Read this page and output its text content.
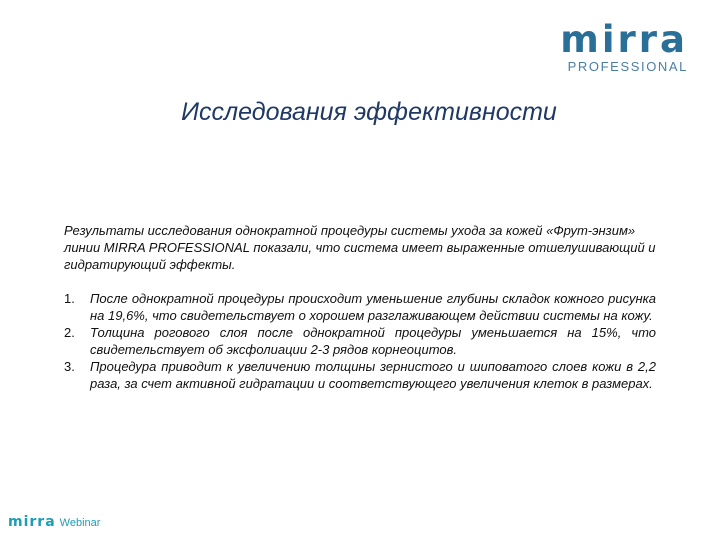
mirra
PROFESSIONAL
Исследования эффективности
Результаты исследования однократной процедуры системы ухода за кожей «Фрут-энзим» линии MIRRA PROFESSIONAL показали, что система имеет выраженные отшелушивающий и гидратирующий эффекты.
1. После однократной процедуры происходит уменьшение глубины складок кожного рисунка на 19,6%, что свидетельствует о хорошем разглаживающем действии системы на кожу.
2. Толщина рогового слоя после однократной процедуры уменьшается на 15%, что свидетельствует об эксфолиации 2-3 рядов корнеоцитов.
3. Процедура приводит к увеличению толщины зернистого и шиповатого слоев кожи в 2,2 раза, за счет активной гидратации и соответствующего увеличения клеток в размерах.
mirra Webinar
